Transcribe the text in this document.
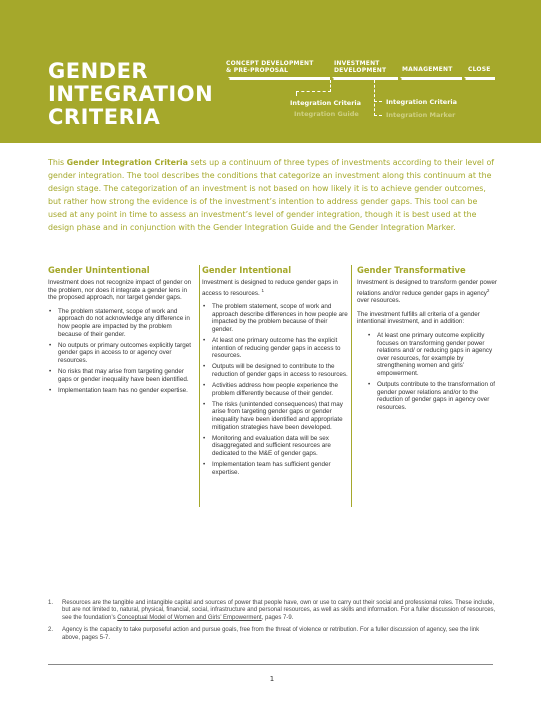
GENDER
INTEGRATION
CRITERIA
CONCEPT DEVELOPMENT
& PRE-PROPOSAL
INVESTMENT
DEVELOPMENT	MANAGEMENT	CLOSE
Integration Criteria
Integration Guide
Integration Criteria
Integration Marker

This Gender Integration Criteria sets up a continuum of three types of investments according to their level of gender integration. The tool describes the conditions that categorize an investment along this continuum at the design stage. The categorization of an investment is not based on how likely it is to achieve gender outcomes, but rather how strong the evidence is of the investment’s intention to address gender gaps. This tool can be used at any point in time to assess an investment’s level of gender integration, though it is best used at the design phase and in conjunction with the Gender Integration Guide and the Gender Integration Marker.

Gender Unintentional

Investment does not recognize impact of gender on the problem, nor does it integrate a gender lens in the proposed approach, nor target gender gaps.

• The problem statement, scope of work and approach do not acknowledge any difference in how people are impacted by the problem because of their gender.
• No outputs or primary outcomes explicitly target gender gaps in access to or agency over resources.
• No risks that may arise from targeting gender gaps or gender inequality have been identified.
• Implementation team has no gender expertise.
Gender Intentional

Investment is designed to reduce gender gaps in access to resources. $^1$

• The problem statement, scope of work and approach describe differences in how people are impacted by the problem because of their gender.
• At least one primary outcome has the explicit intention of reducing gender gaps in access to resources.
• Outputs will be designed to contribute to the reduction of gender gaps in access to resources.
• Activities address how people experience the problem differently because of their gender.
• The risks (unintended consequences) that may arise from targeting gender gaps or gender inequality have been identified and appropriate mitigation strategies have been developed.
• Monitoring and evaluation data will be sex disaggregated and sufficient resources are dedicated to the M&E of gender gaps.
• Implementation team has sufficient gender expertise.
Gender Transformative

Investment is designed to transform gender power relations and/or reduce gender gaps in agency$^2$ over resources.

The investment fulfills all criteria of a gender intentional investment, and in addition:

• At least one primary outcome explicitly focuses on transforming gender power relations and/ or reducing gaps in agency over resources, for example by strengthening women and girls’ empowerment.
• Outputs contribute to the transformation of gender power relations and/or to the reduction of gender gaps in agency over resources.
1. Resources are the tangible and intangible capital and sources of power that people have, own or use to carry out their social and professional roles. These include, but are not limited to, natural, physical, financial, social, infrastructure and personal resources, as well as skills and information. For a fuller discussion of resources, see the foundation’s Conceptual Model of Women and Girls’ Empowerment, pages 7-9.
2. Agency is the capacity to take purposeful action and pursue goals, free from the threat of violence or retribution. For a fuller discussion of agency, see the link above, pages 5-7.
1
